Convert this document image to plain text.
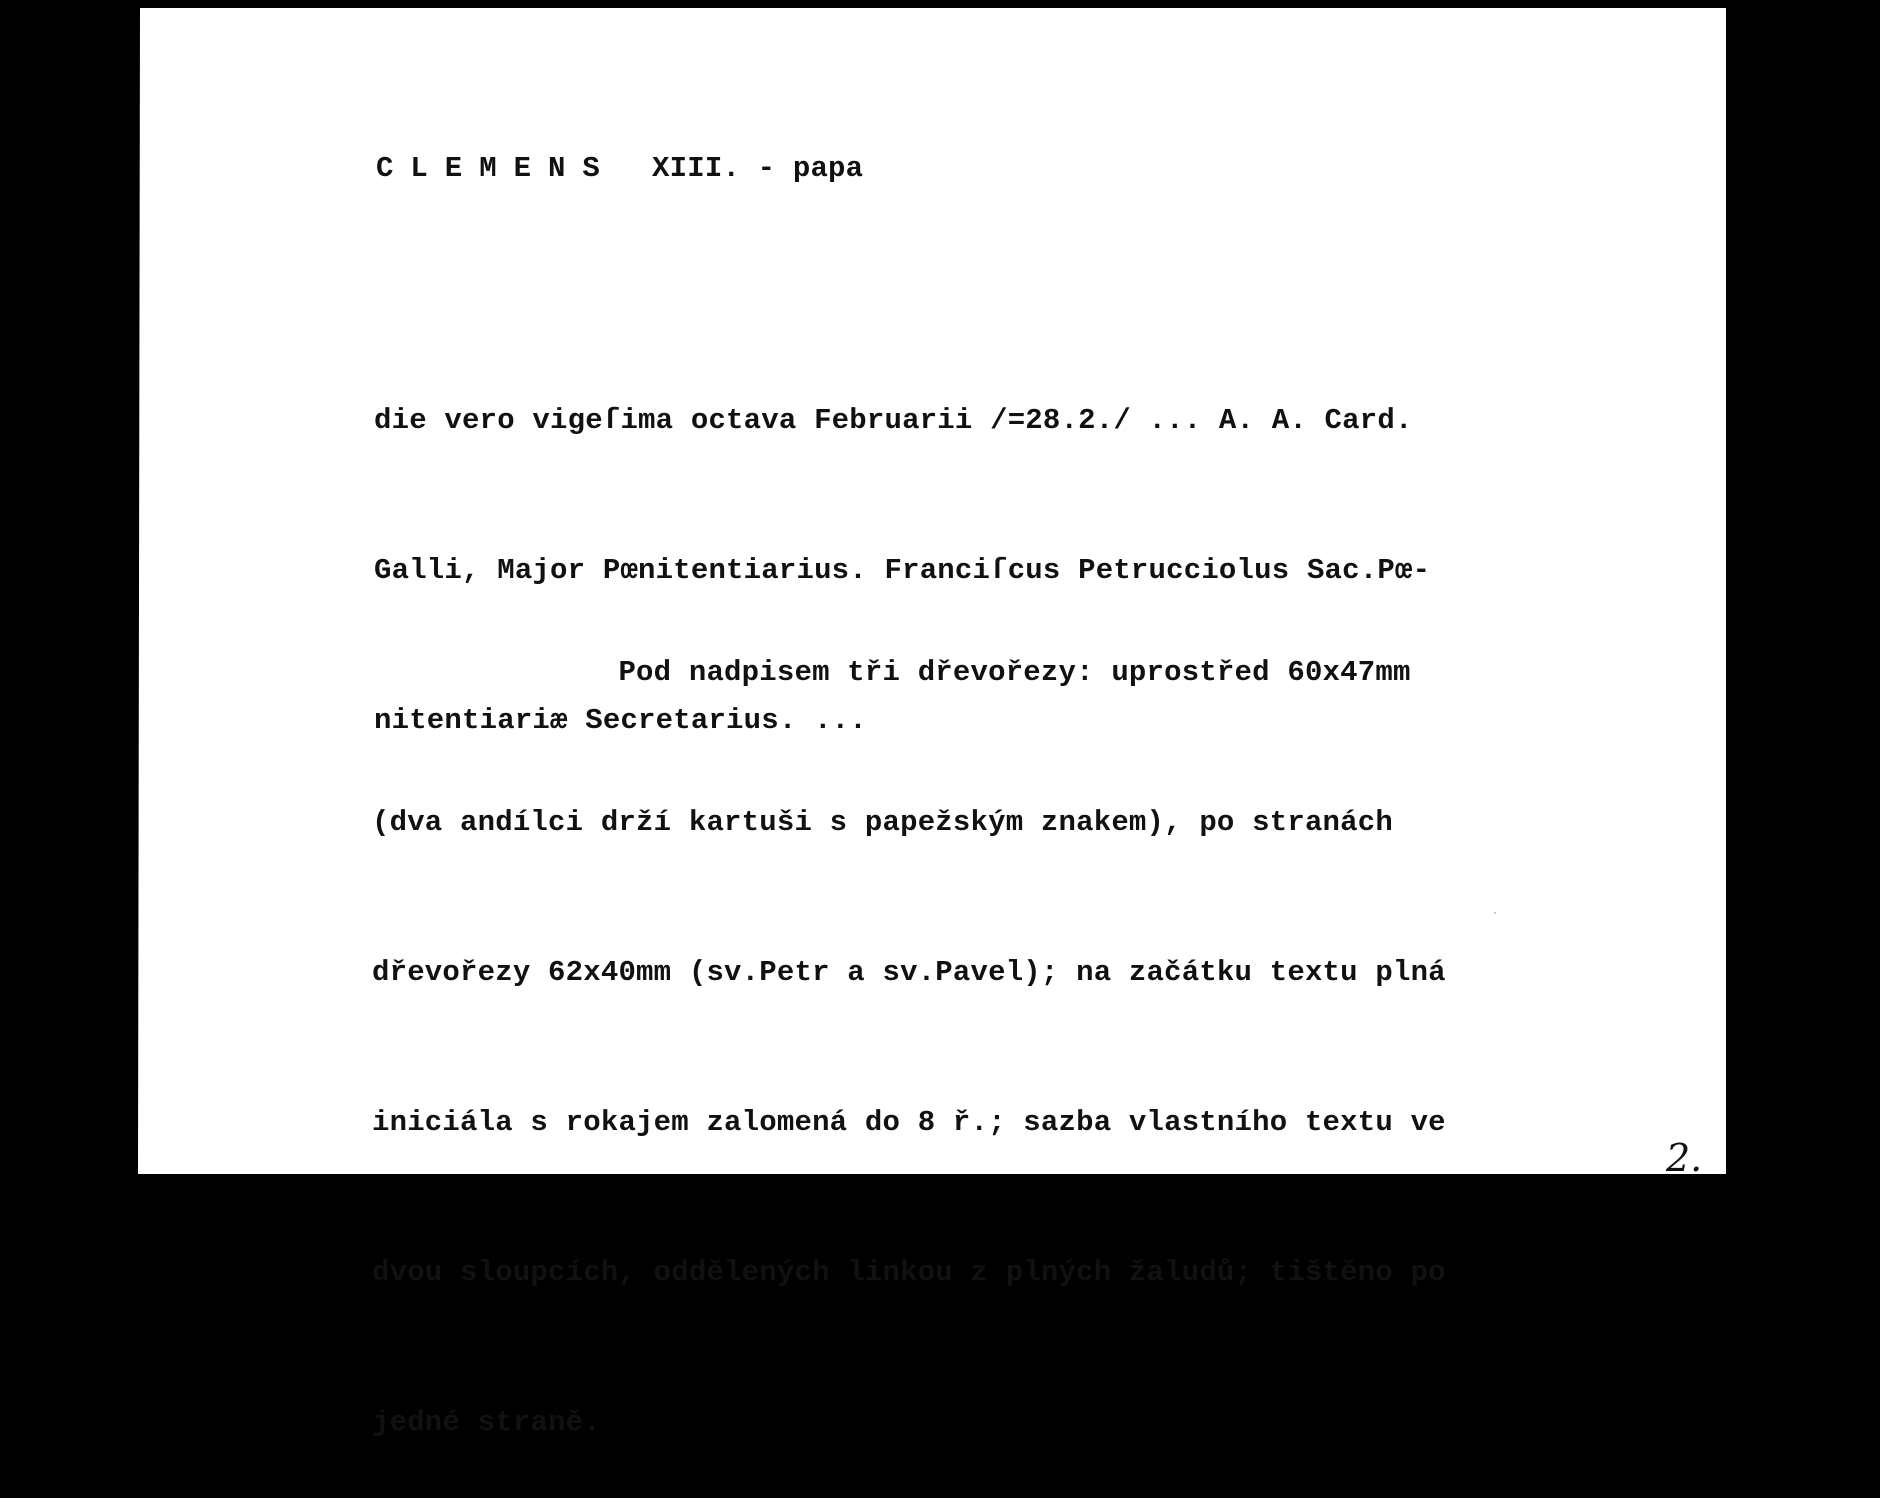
CLEMENS  XIII. - papa

die vero vigeſima octava Februarii /=28.2./ ... A. A. Card.

Galli, Major Pœnitentiarius. Franciſcus Petrucciolus Sac.Pœ-

nitentiariæ Secretarius. ...

Pod nadpisem tři dřevořezy: uprostřed 60x47mm

(dva andílci drží kartuši s papežským znakem), po stranách

dřevořezy 62x40mm (sv.Petr a sv.Pavel); na začátku textu plná

iniciála s rokajem zalomená do 8 ř.; sazba vlastního textu ve

dvou sloupcích, oddělených linkou z plných žaludů; tištěno po

jedné straně.

2.
